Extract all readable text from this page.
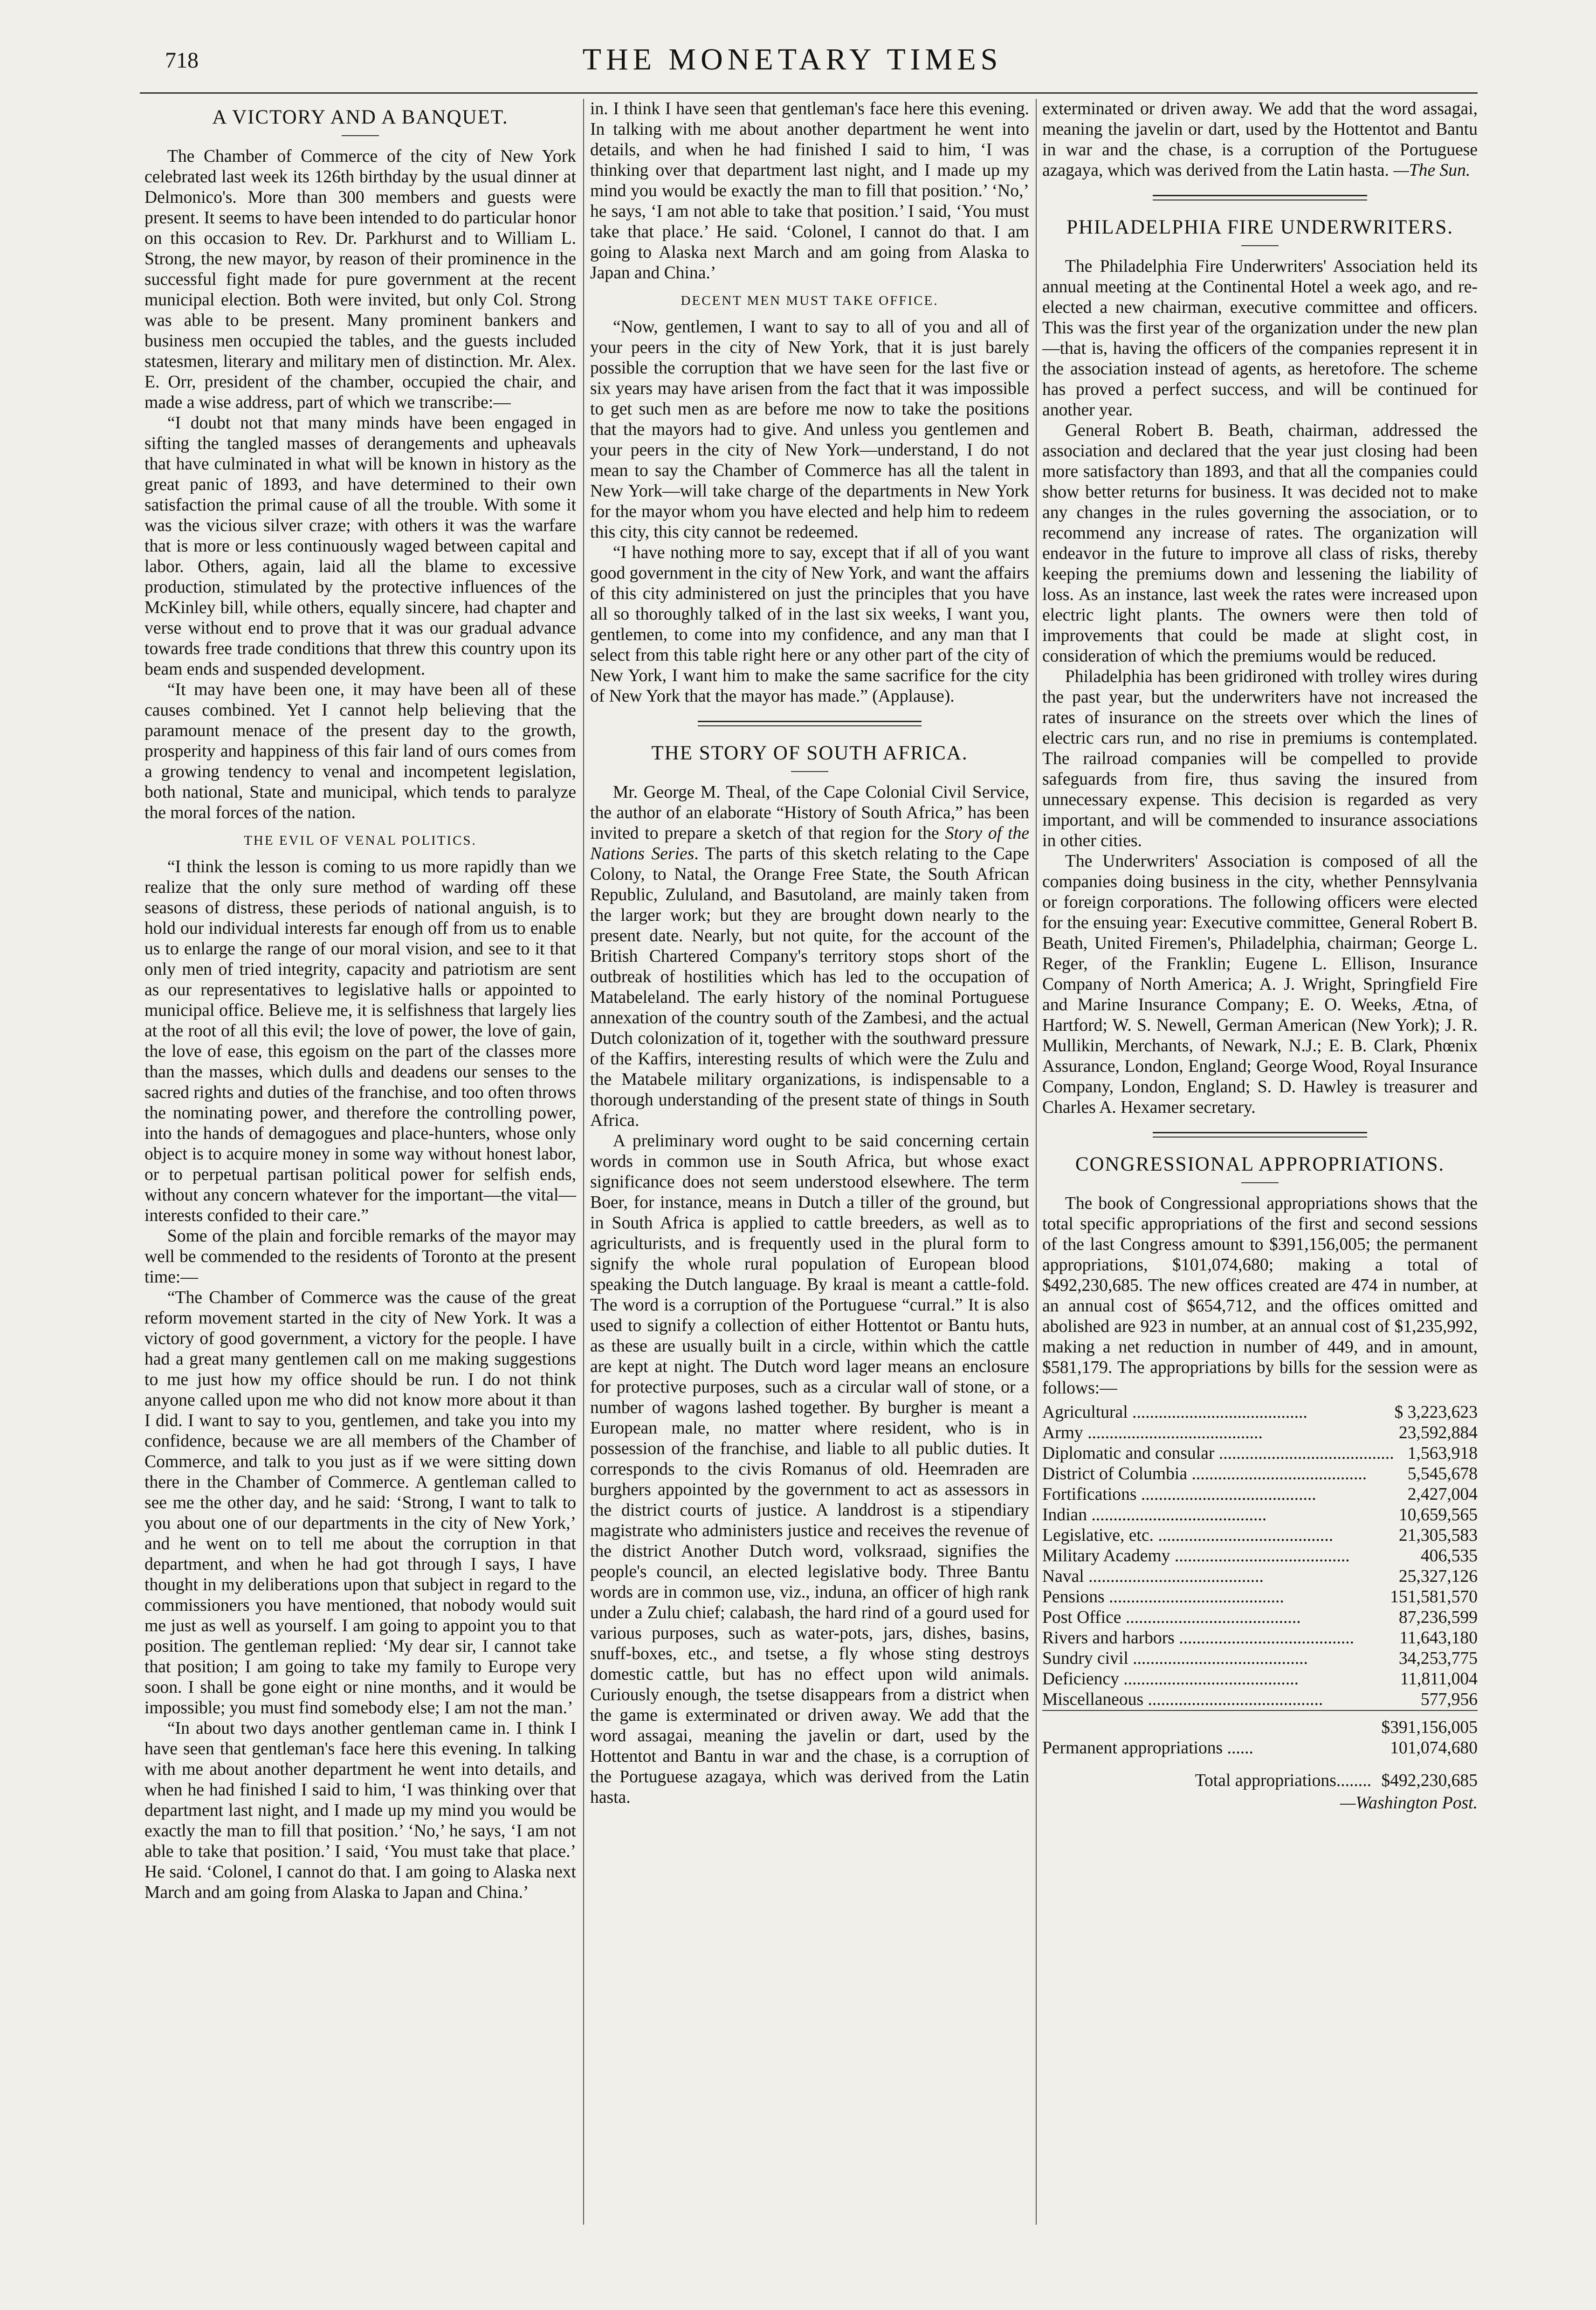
718	THE MONETARY TIMES
A VICTORY AND A BANQUET.

The Chamber of Commerce of the city of New York celebrated last week its 126th birthday by the usual dinner at Delmonico's. More than 300 members and guests were present. It seems to have been intended to do particular honor on this occasion to Rev. Dr. Parkhurst and to William L. Strong, the new mayor, by reason of their prominence in the successful fight made for pure government at the recent municipal election. Both were invited, but only Col. Strong was able to be present. Many prominent bankers and business men occupied the tables, and the guests included statesmen, literary and military men of distinction. Mr. Alex. E. Orr, president of the chamber, occupied the chair, and made a wise address, part of which we transcribe:—

“I doubt not that many minds have been engaged in sifting the tangled masses of derangements and upheavals that have culminated in what will be known in history as the great panic of 1893, and have determined to their own satisfaction the primal cause of all the trouble. With some it was the vicious silver craze; with others it was the warfare that is more or less continuously waged between capital and labor. Others, again, laid all the blame to excessive production, stimulated by the protective influences of the McKinley bill, while others, equally sincere, had chapter and verse without end to prove that it was our gradual advance towards free trade conditions that threw this country upon its beam ends and suspended development.

“It may have been one, it may have been all of these causes combined. Yet I cannot help believing that the paramount menace of the present day to the growth, prosperity and happiness of this fair land of ours comes from a growing tendency to venal and incompetent legislation, both national, State and municipal, which tends to paralyze the moral forces of the nation.

THE EVIL OF VENAL POLITICS.

“I think the lesson is coming to us more rapidly than we realize that the only sure method of warding off these seasons of distress, these periods of national anguish, is to hold our individual interests far enough off from us to enable us to enlarge the range of our moral vision, and see to it that only men of tried integrity, capacity and patriotism are sent as our representatives to legislative halls or appointed to municipal office. Believe me, it is selfishness that largely lies at the root of all this evil; the love of power, the love of gain, the love of ease, this egoism on the part of the classes more than the masses, which dulls and deadens our senses to the sacred rights and duties of the franchise, and too often throws the nominating power, and therefore the controlling power, into the hands of demagogues and place-hunters, whose only object is to acquire money in some way without honest labor, or to perpetual partisan political power for selfish ends, without any concern whatever for the important—the vital—interests confided to their care.”

Some of the plain and forcible remarks of the mayor may well be commended to the residents of Toronto at the present time:—

“The Chamber of Commerce was the cause of the great reform movement started in the city of New York. It was a victory of good government, a victory for the people. I have had a great many gentlemen call on me making suggestions to me just how my office should be run. I do not think anyone called upon me who did not know more about it than I did. I want to say to you, gentlemen, and take you into my confidence, because we are all members of the Chamber of Commerce, and talk to you just as if we were sitting down there in the Chamber of Commerce. A gentleman called to see me the other day, and he said: ‘Strong, I want to talk to you about one of our departments in the city of New York,’ and he went on to tell me about the corruption in that department, and when he had got through I says, I have thought in my deliberations upon that subject in regard to the commissioners you have mentioned, that nobody would suit me just as well as yourself. I am going to appoint you to that position. The gentleman replied: ‘My dear sir, I cannot take that position; I am going to take my family to Europe very soon. I shall be gone eight or nine months, and it would be impossible; you must find somebody else; I am not the man.’

“In about two days another gentleman came in. I think I have seen that gentleman's face here this evening. In talking with me about another department he went into details, and when he had finished I said to him, ‘I was thinking over that department last night, and I made up my mind you would be exactly the man to fill that position.’ ‘No,’ he says, ‘I am not able to take that position.’ I said, ‘You must take that place.’ He said. ‘Colonel, I cannot do that. I am going to Alaska next March and am going from Alaska to Japan and China.’

in. I think I have seen that gentleman's face here this evening. In talking with me about another department he went into details, and when he had finished I said to him, ‘I was thinking over that department last night, and I made up my mind you would be exactly the man to fill that position.’ ‘No,’ he says, ‘I am not able to take that position.’ I said, ‘You must take that place.’ He said. ‘Colonel, I cannot do that. I am going to Alaska next March and am going from Alaska to Japan and China.’

DECENT MEN MUST TAKE OFFICE.

“Now, gentlemen, I want to say to all of you and all of your peers in the city of New York, that it is just barely possible the corruption that we have seen for the last five or six years may have arisen from the fact that it was impossible to get such men as are before me now to take the positions that the mayors had to give. And unless you gentlemen and your peers in the city of New York—understand, I do not mean to say the Chamber of Commerce has all the talent in New York—will take charge of the departments in New York for the mayor whom you have elected and help him to redeem this city, this city cannot be redeemed.

“I have nothing more to say, except that if all of you want good government in the city of New York, and want the affairs of this city administered on just the principles that you have all so thoroughly talked of in the last six weeks, I want you, gentlemen, to come into my confidence, and any man that I select from this table right here or any other part of the city of New York, I want him to make the same sacrifice for the city of New York that the mayor has made.” (Applause).

THE STORY OF SOUTH AFRICA.

Mr. George M. Theal, of the Cape Colonial Civil Service, the author of an elaborate “History of South Africa,” has been invited to prepare a sketch of that region for the Story of the Nations Series. The parts of this sketch relating to the Cape Colony, to Natal, the Orange Free State, the South African Republic, Zululand, and Basutoland, are mainly taken from the larger work; but they are brought down nearly to the present date. Nearly, but not quite, for the account of the British Chartered Company's territory stops short of the outbreak of hostilities which has led to the occupation of Matabeleland. The early history of the nominal Portuguese annexation of the country south of the Zambesi, and the actual Dutch colonization of it, together with the southward pressure of the Kaffirs, interesting results of which were the Zulu and the Matabele military organizations, is indispensable to a thorough understanding of the present state of things in South Africa.

A preliminary word ought to be said concerning certain words in common use in South Africa, but whose exact significance does not seem understood elsewhere. The term Boer, for instance, means in Dutch a tiller of the ground, but in South Africa is applied to cattle breeders, as well as to agriculturists, and is frequently used in the plural form to signify the whole rural population of European blood speaking the Dutch language. By kraal is meant a cattle-fold. The word is a corruption of the Portuguese “curral.” It is also used to signify a collection of either Hottentot or Bantu huts, as these are usually built in a circle, within which the cattle are kept at night. The Dutch word lager means an enclosure for protective purposes, such as a circular wall of stone, or a number of wagons lashed together. By burgher is meant a European male, no matter where resident, who is in possession of the franchise, and liable to all public duties. It corresponds to the civis Romanus of old. Heemraden are burghers appointed by the government to act as assessors in the district courts of justice. A landdrost is a stipendiary magistrate who administers justice and receives the revenue of the district Another Dutch word, volksraad, signifies the people's council, an elected legislative body. Three Bantu words are in common use, viz., induna, an officer of high rank under a Zulu chief; calabash, the hard rind of a gourd used for various purposes, such as water-pots, jars, dishes, basins, snuff-boxes, etc., and tsetse, a fly whose sting destroys domestic cattle, but has no effect upon wild animals. Curiously enough, the tsetse disappears from a district when the game is exterminated or driven away. We add that the word assagai, meaning the javelin or dart, used by the Hottentot and Bantu in war and the chase, is a corruption of the Portuguese azagaya, which was derived from the Latin hasta.

exterminated or driven away. We add that the word assagai, meaning the javelin or dart, used by the Hottentot and Bantu in war and the chase, is a corruption of the Portuguese azagaya, which was derived from the Latin hasta. —The Sun.

PHILADELPHIA FIRE UNDERWRITERS.

The Philadelphia Fire Underwriters' Association held its annual meeting at the Continental Hotel a week ago, and re-elected a new chairman, executive committee and officers. This was the first year of the organization under the new plan—that is, having the officers of the companies represent it in the association instead of agents, as heretofore. The scheme has proved a perfect success, and will be continued for another year.

General Robert B. Beath, chairman, addressed the association and declared that the year just closing had been more satisfactory than 1893, and that all the companies could show better returns for business. It was decided not to make any changes in the rules governing the association, or to recommend any increase of rates. The organization will endeavor in the future to improve all class of risks, thereby keeping the premiums down and lessening the liability of loss. As an instance, last week the rates were increased upon electric light plants. The owners were then told of improvements that could be made at slight cost, in consideration of which the premiums would be reduced.

Philadelphia has been gridironed with trolley wires during the past year, but the underwriters have not increased the rates of insurance on the streets over which the lines of electric cars run, and no rise in premiums is contemplated. The railroad companies will be compelled to provide safeguards from fire, thus saving the insured from unnecessary expense. This decision is regarded as very important, and will be commended to insurance associations in other cities.

The Underwriters' Association is composed of all the companies doing business in the city, whether Pennsylvania or foreign corporations. The following officers were elected for the ensuing year: Executive committee, General Robert B. Beath, United Firemen's, Philadelphia, chairman; George L. Reger, of the Franklin; Eugene L. Ellison, Insurance Company of North America; A. J. Wright, Springfield Fire and Marine Insurance Company; E. O. Weeks, Ætna, of Hartford; W. S. Newell, German American (New York); J. R. Mullikin, Merchants, of Newark, N.J.; E. B. Clark, Phœnix Assurance, London, England; George Wood, Royal Insurance Company, London, England; S. D. Hawley is treasurer and Charles A. Hexamer secretary.

CONGRESSIONAL APPROPRIATIONS.

The book of Congressional appropriations shows that the total specific appropriations of the first and second sessions of the last Congress amount to $391,156,005; the permanent appropriations, $101,074,680; making a total of $492,230,685. The new offices created are 474 in number, at an annual cost of $654,712, and the offices omitted and abolished are 923 in number, at an annual cost of $1,235,992, making a net reduction in number of 449, and in amount, $581,179. The appropriations by bills for the session were as follows:—

Agricultural ........................................	$ 3,223,623
Army ........................................	23,592,884
Diplomatic and consular ........................................	1,563,918
District of Columbia ........................................	5,545,678
Fortifications ........................................	2,427,004
Indian ........................................	10,659,565
Legislative, etc. ........................................	21,305,583
Military Academy ........................................	406,535
Naval ........................................	25,327,126
Pensions ........................................	151,581,570
Post Office ........................................	87,236,599
Rivers and harbors ........................................	11,643,180
Sundry civil ........................................	34,253,775
Deficiency ........................................	11,811,004
Miscellaneous ........................................	577,956
	$391,156,005
Permanent appropriations ......	101,074,680
Total appropriations........	$492,230,685
—Washington Post.
